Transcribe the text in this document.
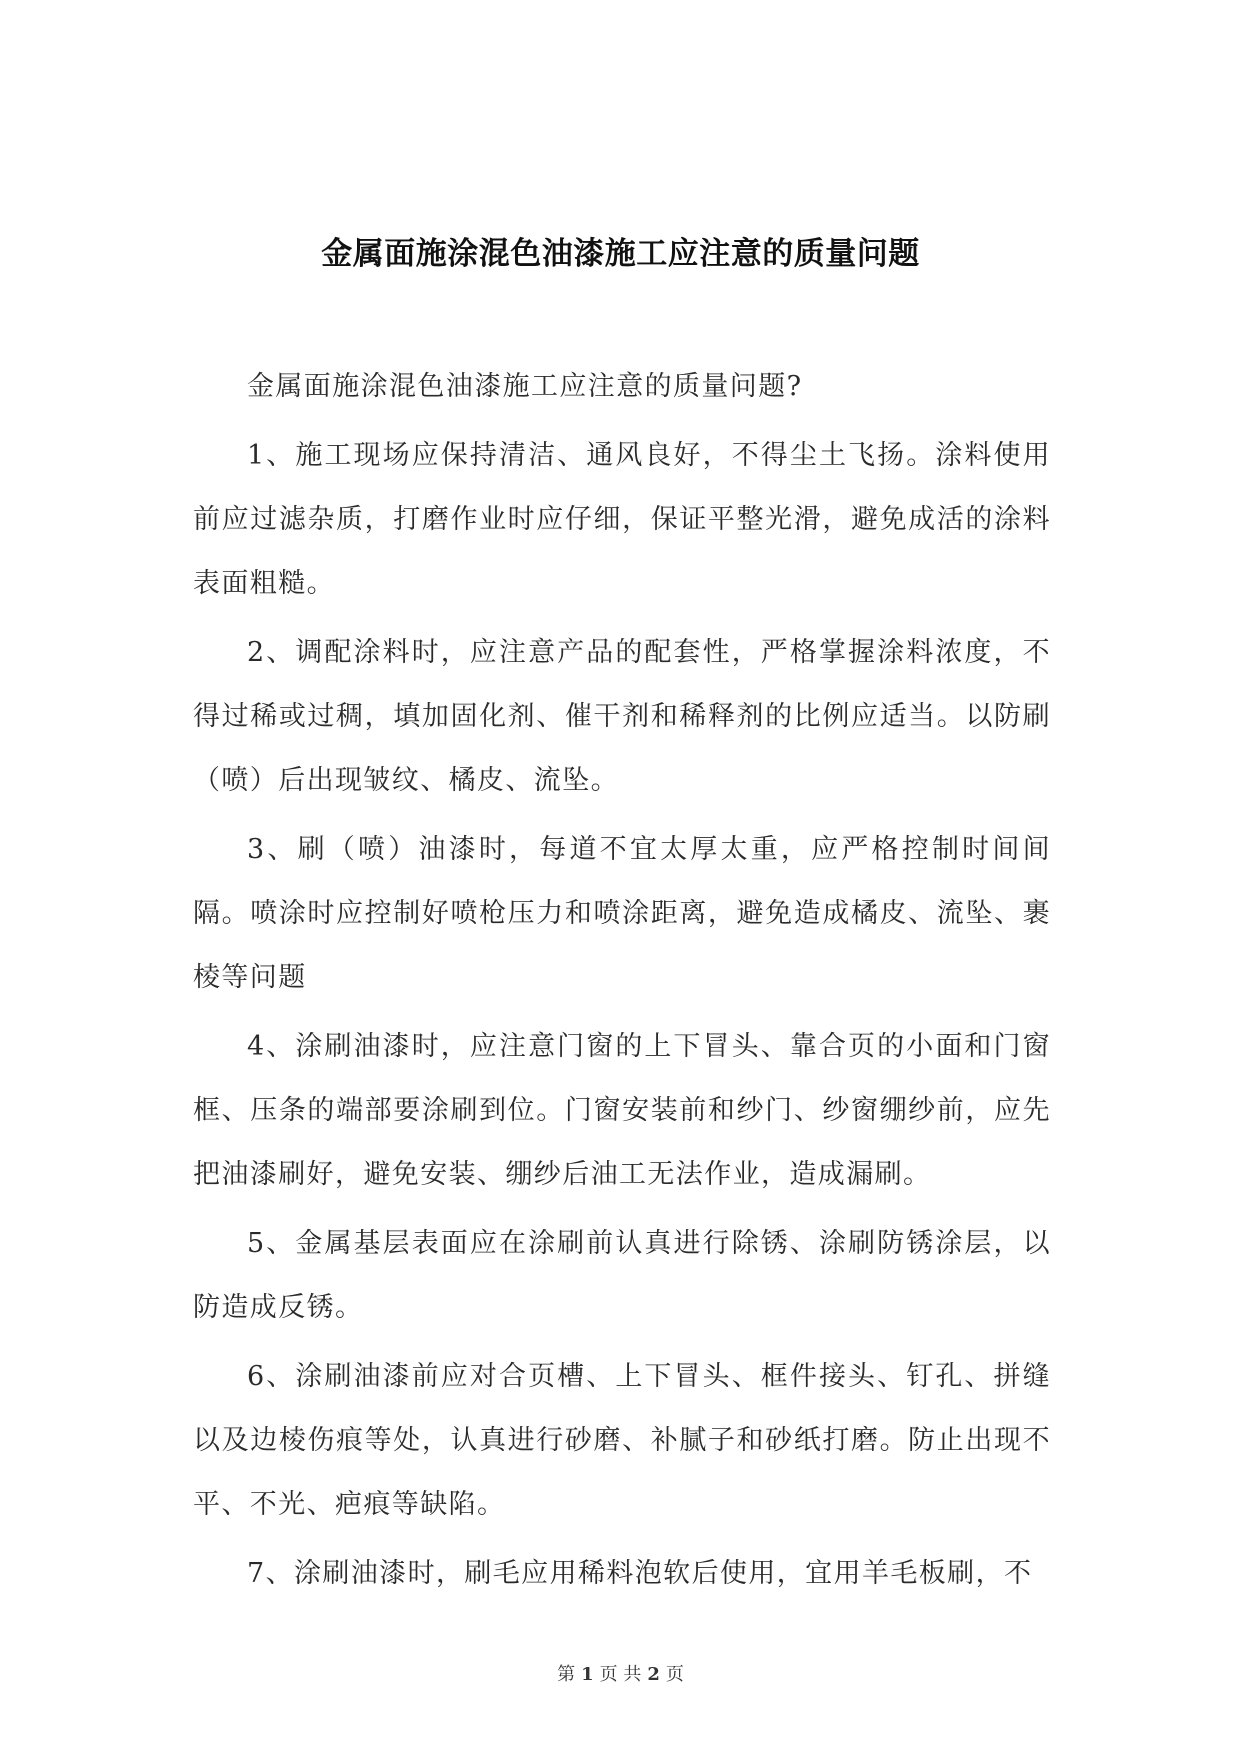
金属面施涂混色油漆施工应注意的质量问题

金属面施涂混色油漆施工应注意的质量问题?

1、施工现场应保持清洁、通风良好，不得尘土飞扬。涂料使用前应过滤杂质，打磨作业时应仔细，保证平整光滑，避免成活的涂料表面粗糙。

2、调配涂料时，应注意产品的配套性，严格掌握涂料浓度，不得过稀或过稠，填加固化剂、催干剂和稀释剂的比例应适当。以防刷（喷）后出现皱纹、橘皮、流坠。

3、刷（喷）油漆时，每道不宜太厚太重，应严格控制时间间隔。喷涂时应控制好喷枪压力和喷涂距离，避免造成橘皮、流坠、裹棱等问题

4、涂刷油漆时，应注意门窗的上下冒头、靠合页的小面和门窗框、压条的端部要涂刷到位。门窗安装前和纱门、纱窗绷纱前，应先把油漆刷好，避免安装、绷纱后油工无法作业，造成漏刷。

5、金属基层表面应在涂刷前认真进行除锈、涂刷防锈涂层，以防造成反锈。

6、涂刷油漆前应对合页槽、上下冒头、框件接头、钉孔、拼缝以及边棱伤痕等处，认真进行砂磨、补腻子和砂纸打磨。防止出现不平、不光、疤痕等缺陷。

7、涂刷油漆时，刷毛应用稀料泡软后使用，宜用羊毛板刷，不

第 1 页 共 2 页
